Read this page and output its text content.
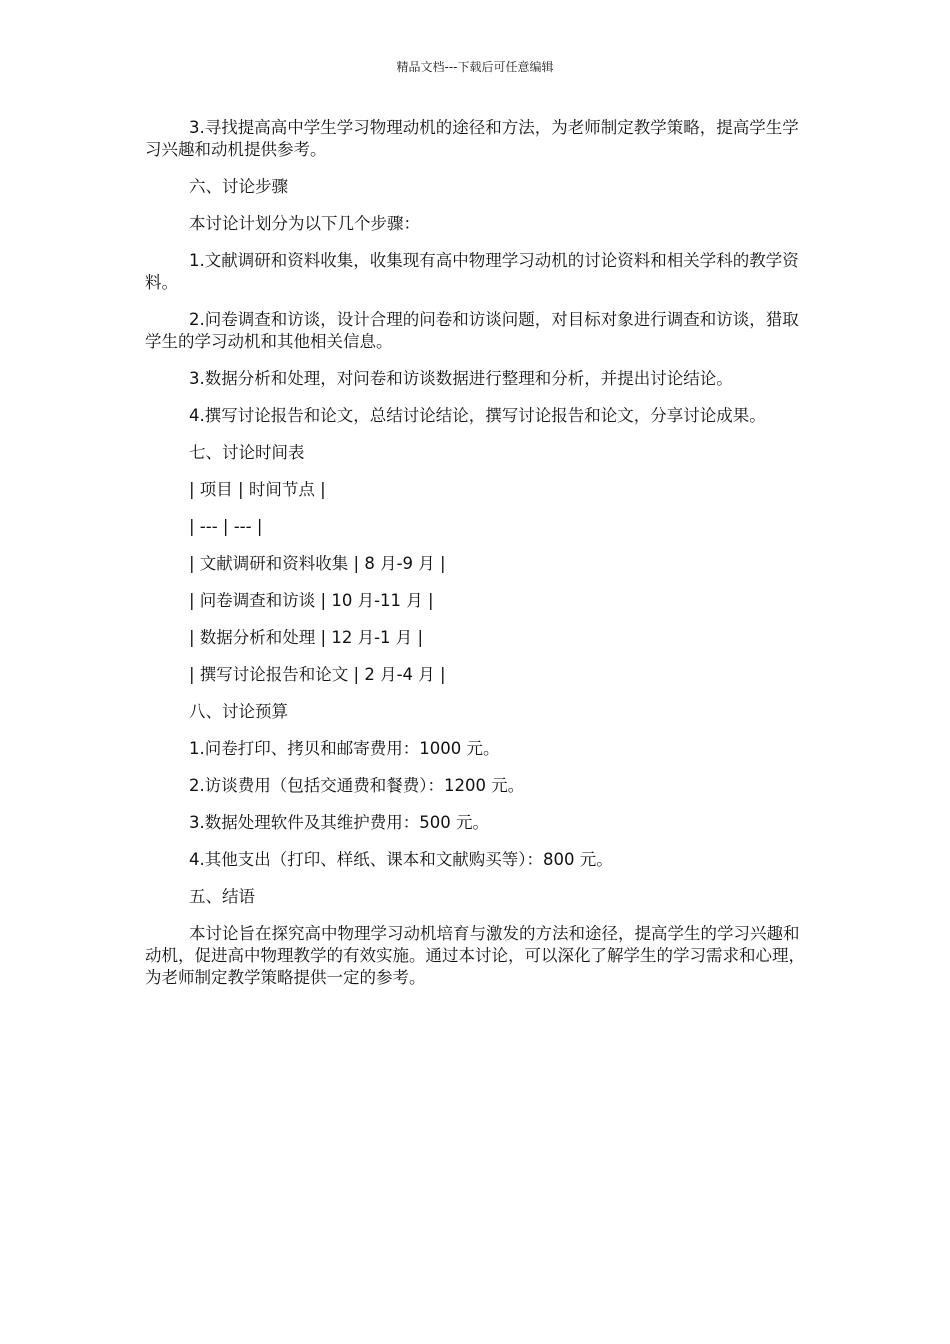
精品文档---下载后可任意编辑

3.寻找提高高中学生学习物理动机的途径和方法，为老师制定教学策略，提高学生学习兴趣和动机提供参考。

六、讨论步骤

本讨论计划分为以下几个步骤：

1.文献调研和资料收集，收集现有高中物理学习动机的讨论资料和相关学科的教学资料。

2.问卷调查和访谈，设计合理的问卷和访谈问题，对目标对象进行调查和访谈，猎取学生的学习动机和其他相关信息。

3.数据分析和处理，对问卷和访谈数据进行整理和分析，并提出讨论结论。

4.撰写讨论报告和论文，总结讨论结论，撰写讨论报告和论文，分享讨论成果。

七、讨论时间表

| 项目 | 时间节点 |

| --- | --- |

| 文献调研和资料收集 | 8 月-9 月 |

| 问卷调查和访谈 | 10 月-11 月 |

| 数据分析和处理 | 12 月-1 月 |

| 撰写讨论报告和论文 | 2 月-4 月 |

八、讨论预算

1.问卷打印、拷贝和邮寄费用：1000 元。

2.访谈费用（包括交通费和餐费）：1200 元。

3.数据处理软件及其维护费用：500 元。

4.其他支出（打印、样纸、课本和文献购买等）：800 元。

五、结语

本讨论旨在探究高中物理学习动机培育与激发的方法和途径，提高学生的学习兴趣和动机，促进高中物理教学的有效实施。通过本讨论，可以深化了解学生的学习需求和心理，为老师制定教学策略提供一定的参考。
